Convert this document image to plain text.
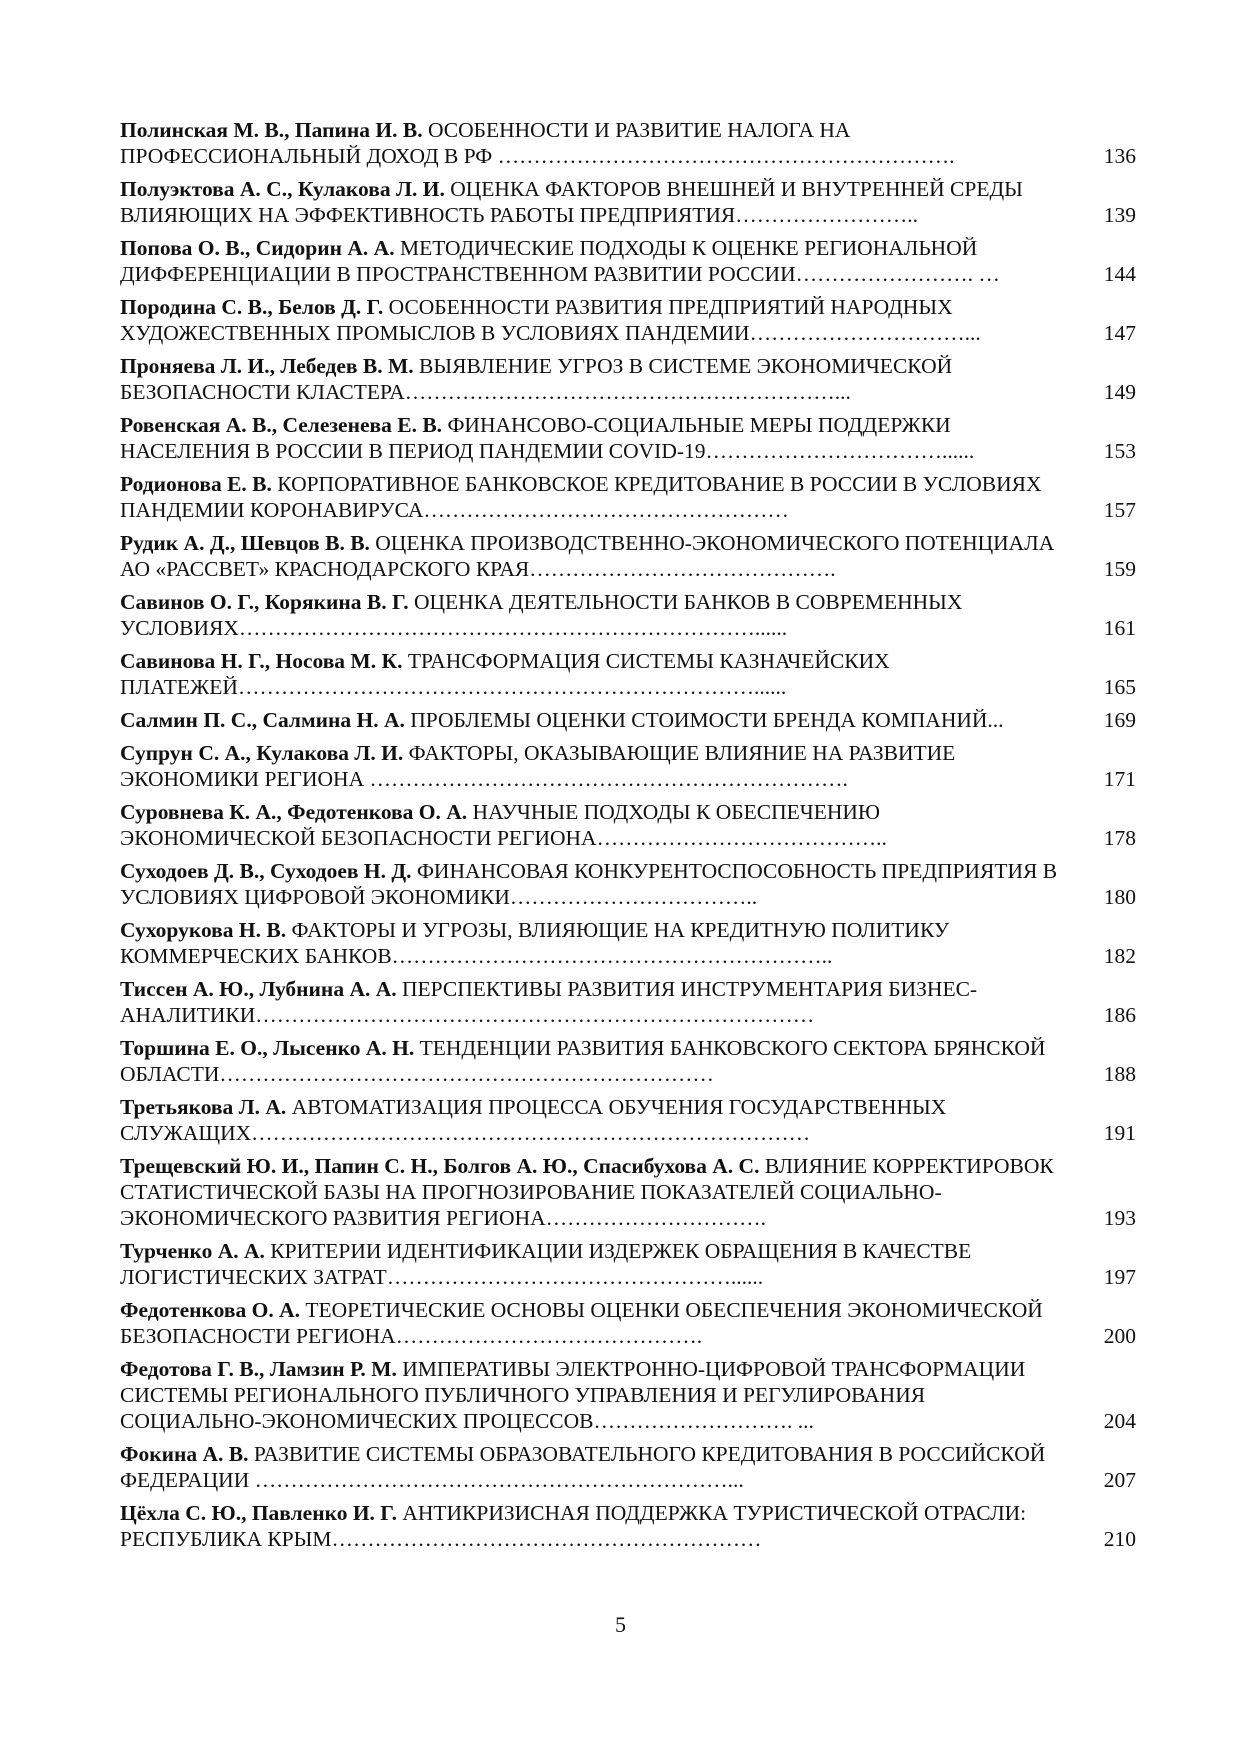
Полинская М. В., Папина И. В. ОСОБЕННОСТИ И РАЗВИТИЕ НАЛОГА НА ПРОФЕССИОНАЛЬНЫЙ ДОХОД В РФ ……………………………………………………….	136
Полуэктова А. С., Кулакова Л. И. ОЦЕНКА ФАКТОРОВ ВНЕШНЕЙ И ВНУТРЕННЕЙ СРЕДЫ ВЛИЯЮЩИХ НА ЭФФЕКТИВНОСТЬ РАБОТЫ ПРЕДПРИЯТИЯ……………………..	139
Попова О. В., Сидорин А. А. МЕТОДИЧЕСКИЕ ПОДХОДЫ К ОЦЕНКЕ РЕГИОНАЛЬНОЙ ДИФФЕРЕНЦИАЦИИ В ПРОСТРАНСТВЕННОМ РАЗВИТИИ РОССИИ……………………. …	144
Породина С. В., Белов Д. Г. ОСОБЕННОСТИ РАЗВИТИЯ ПРЕДПРИЯТИЙ НАРОДНЫХ ХУДОЖЕСТВЕННЫХ ПРОМЫСЛОВ В УСЛОВИЯХ ПАНДЕМИИ…………………………...	147
Проняева Л. И., Лебедев В. М. ВЫЯВЛЕНИЕ УГРОЗ В СИСТЕМЕ ЭКОНОМИЧЕСКОЙ БЕЗОПАСНОСТИ КЛАСТЕРА……………………………………………………...	149
Ровенская А. В., Селезенева Е. В. ФИНАНСОВО-СОЦИАЛЬНЫЕ МЕРЫ ПОДДЕРЖКИ НАСЕЛЕНИЯ В РОССИИ В ПЕРИОД ПАНДЕМИИ COVID-19……………………………......	153
Родионова Е. В. КОРПОРАТИВНОЕ БАНКОВСКОЕ КРЕДИТОВАНИЕ В РОССИИ В УСЛОВИЯХ ПАНДЕМИИ КОРОНАВИРУСА……………………………………………	157
Рудик А. Д., Шевцов В. В. ОЦЕНКА ПРОИЗВОДСТВЕННО-ЭКОНОМИЧЕСКОГО ПОТЕНЦИАЛА АО «РАССВЕТ» КРАСНОДАРСКОГО КРАЯ…………………………………….	159
Савинов О. Г., Корякина В. Г. ОЦЕНКА ДЕЯТЕЛЬНОСТИ БАНКОВ В СОВРЕМЕННЫХ УСЛОВИЯХ………………………………………………………………......	161
Савинова Н. Г., Носова М. К. ТРАНСФОРМАЦИЯ СИСТЕМЫ КАЗНАЧЕЙСКИХ ПЛАТЕЖЕЙ………………………………………………………………......	165
Салмин П. С., Салмина Н. А. ПРОБЛЕМЫ ОЦЕНКИ СТОИМОСТИ БРЕНДА КОМПАНИЙ...	169
Супрун С. А., Кулакова Л. И. ФАКТОРЫ, ОКАЗЫВАЮЩИЕ ВЛИЯНИЕ НА РАЗВИТИЕ ЭКОНОМИКИ РЕГИОНА ………………………………………………………….	171
Суровнева К. А., Федотенкова О. А. НАУЧНЫЕ ПОДХОДЫ К ОБЕСПЕЧЕНИЮ ЭКОНОМИЧЕСКОЙ БЕЗОПАСНОСТИ РЕГИОНА…………………………………..	178
Суходоев Д. В., Суходоев Н. Д. ФИНАНСОВАЯ КОНКУРЕНТОСПОСОБНОСТЬ ПРЕДПРИЯТИЯ В УСЛОВИЯХ ЦИФРОВОЙ ЭКОНОМИКИ……………………………..	180
Сухорукова Н. В. ФАКТОРЫ И УГРОЗЫ, ВЛИЯЮЩИЕ НА КРЕДИТНУЮ ПОЛИТИКУ КОММЕРЧЕСКИХ БАНКОВ……………………………………………………..	182
Тиссен А. Ю., Лубнина А. А. ПЕРСПЕКТИВЫ РАЗВИТИЯ ИНСТРУМЕНТАРИЯ БИЗНЕС-АНАЛИТИКИ……………………………………………………………………	186
Торшина Е. О., Лысенко А. Н. ТЕНДЕНЦИИ РАЗВИТИЯ БАНКОВСКОГО СЕКТОРА БРЯНСКОЙ ОБЛАСТИ……………………………………………………………	188
Третьякова Л. А. АВТОМАТИЗАЦИЯ ПРОЦЕССА ОБУЧЕНИЯ ГОСУДАРСТВЕННЫХ СЛУЖАЩИХ……………………………………………………………………	191
Трещевский Ю. И., Папин С. Н., Болгов А. Ю., Спасибухова А. С. ВЛИЯНИЕ КОРРЕКТИРОВОК СТАТИСТИЧЕСКОЙ БАЗЫ НА ПРОГНОЗИРОВАНИЕ ПОКАЗАТЕЛЕЙ СОЦИАЛЬНО-ЭКОНОМИЧЕСКОГО РАЗВИТИЯ РЕГИОНА………………………….	193
Турченко А. А. КРИТЕРИИ ИДЕНТИФИКАЦИИ ИЗДЕРЖЕК ОБРАЩЕНИЯ В КАЧЕСТВЕ ЛОГИСТИЧЕСКИХ ЗАТРАТ…………………………………………......	197
Федотенкова О. А. ТЕОРЕТИЧЕСКИЕ ОСНОВЫ ОЦЕНКИ ОБЕСПЕЧЕНИЯ ЭКОНОМИЧЕСКОЙ БЕЗОПАСНОСТИ РЕГИОНА…………………………………….	200
Федотова Г. В., Ламзин Р. М. ИМПЕРАТИВЫ ЭЛЕКТРОННО-ЦИФРОВОЙ ТРАНСФОРМАЦИИ СИСТЕМЫ РЕГИОНАЛЬНОГО ПУБЛИЧНОГО УПРАВЛЕНИЯ И РЕГУЛИРОВАНИЯ СОЦИАЛЬНО-ЭКОНОМИЧЕСКИХ ПРОЦЕССОВ………………………. ...	204
Фокина А. В. РАЗВИТИЕ СИСТЕМЫ ОБРАЗОВАТЕЛЬНОГО КРЕДИТОВАНИЯ В РОССИЙСКОЙ ФЕДЕРАЦИИ …………………………………………………………...	207
Цёхла С. Ю., Павленко И. Г. АНТИКРИЗИСНАЯ ПОДДЕРЖКА ТУРИСТИЧЕСКОЙ ОТРАСЛИ: РЕСПУБЛИКА КРЫМ……………………………………………………	210
5
